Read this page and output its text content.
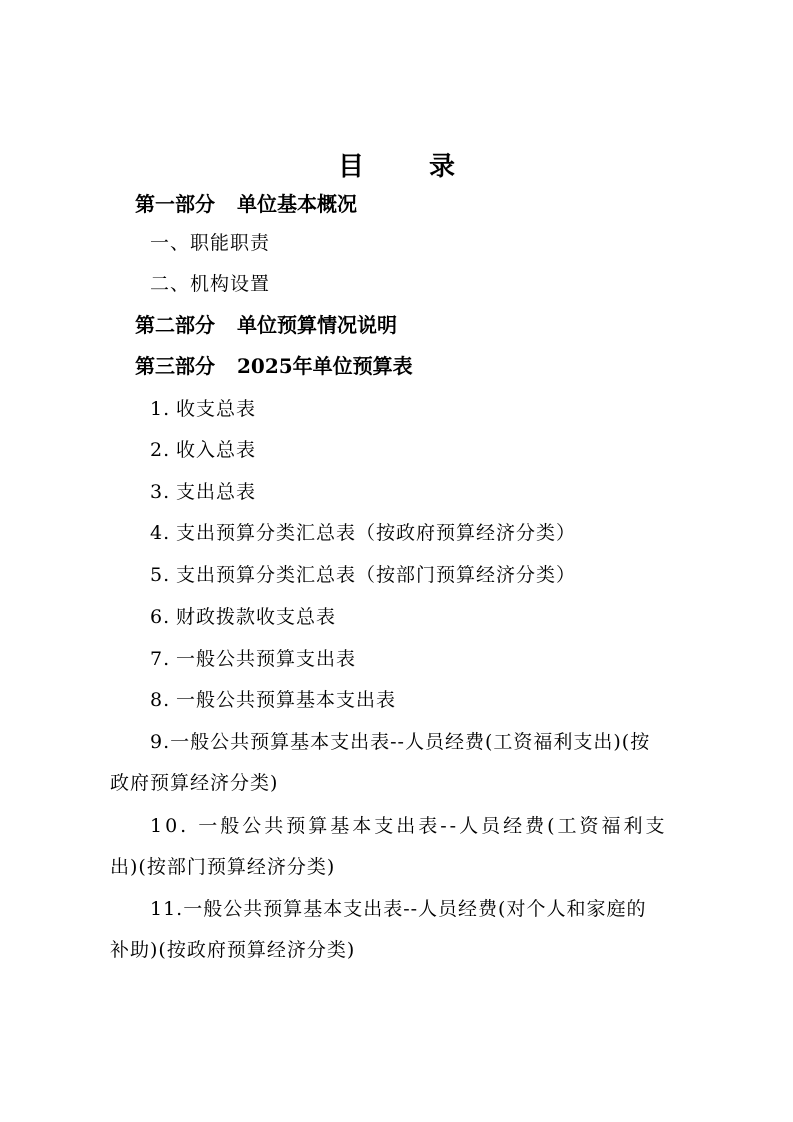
目 录
第一部分 单位基本概况
一、职能职责
二、机构设置
第二部分 单位预算情况说明
第三部分 2025年单位预算表
1. 收支总表
2. 收入总表
3. 支出总表
4. 支出预算分类汇总表（按政府预算经济分类）
5. 支出预算分类汇总表（按部门预算经济分类）
6. 财政拨款收支总表
7. 一般公共预算支出表
8. 一般公共预算基本支出表
9.一般公共预算基本支出表--人员经费(工资福利支出)(按
政府预算经济分类)
10. 一般公共预算基本支出表--人员经费(工资福利支
出)(按部门预算经济分类)
11.一般公共预算基本支出表--人员经费(对个人和家庭的
补助)(按政府预算经济分类)
